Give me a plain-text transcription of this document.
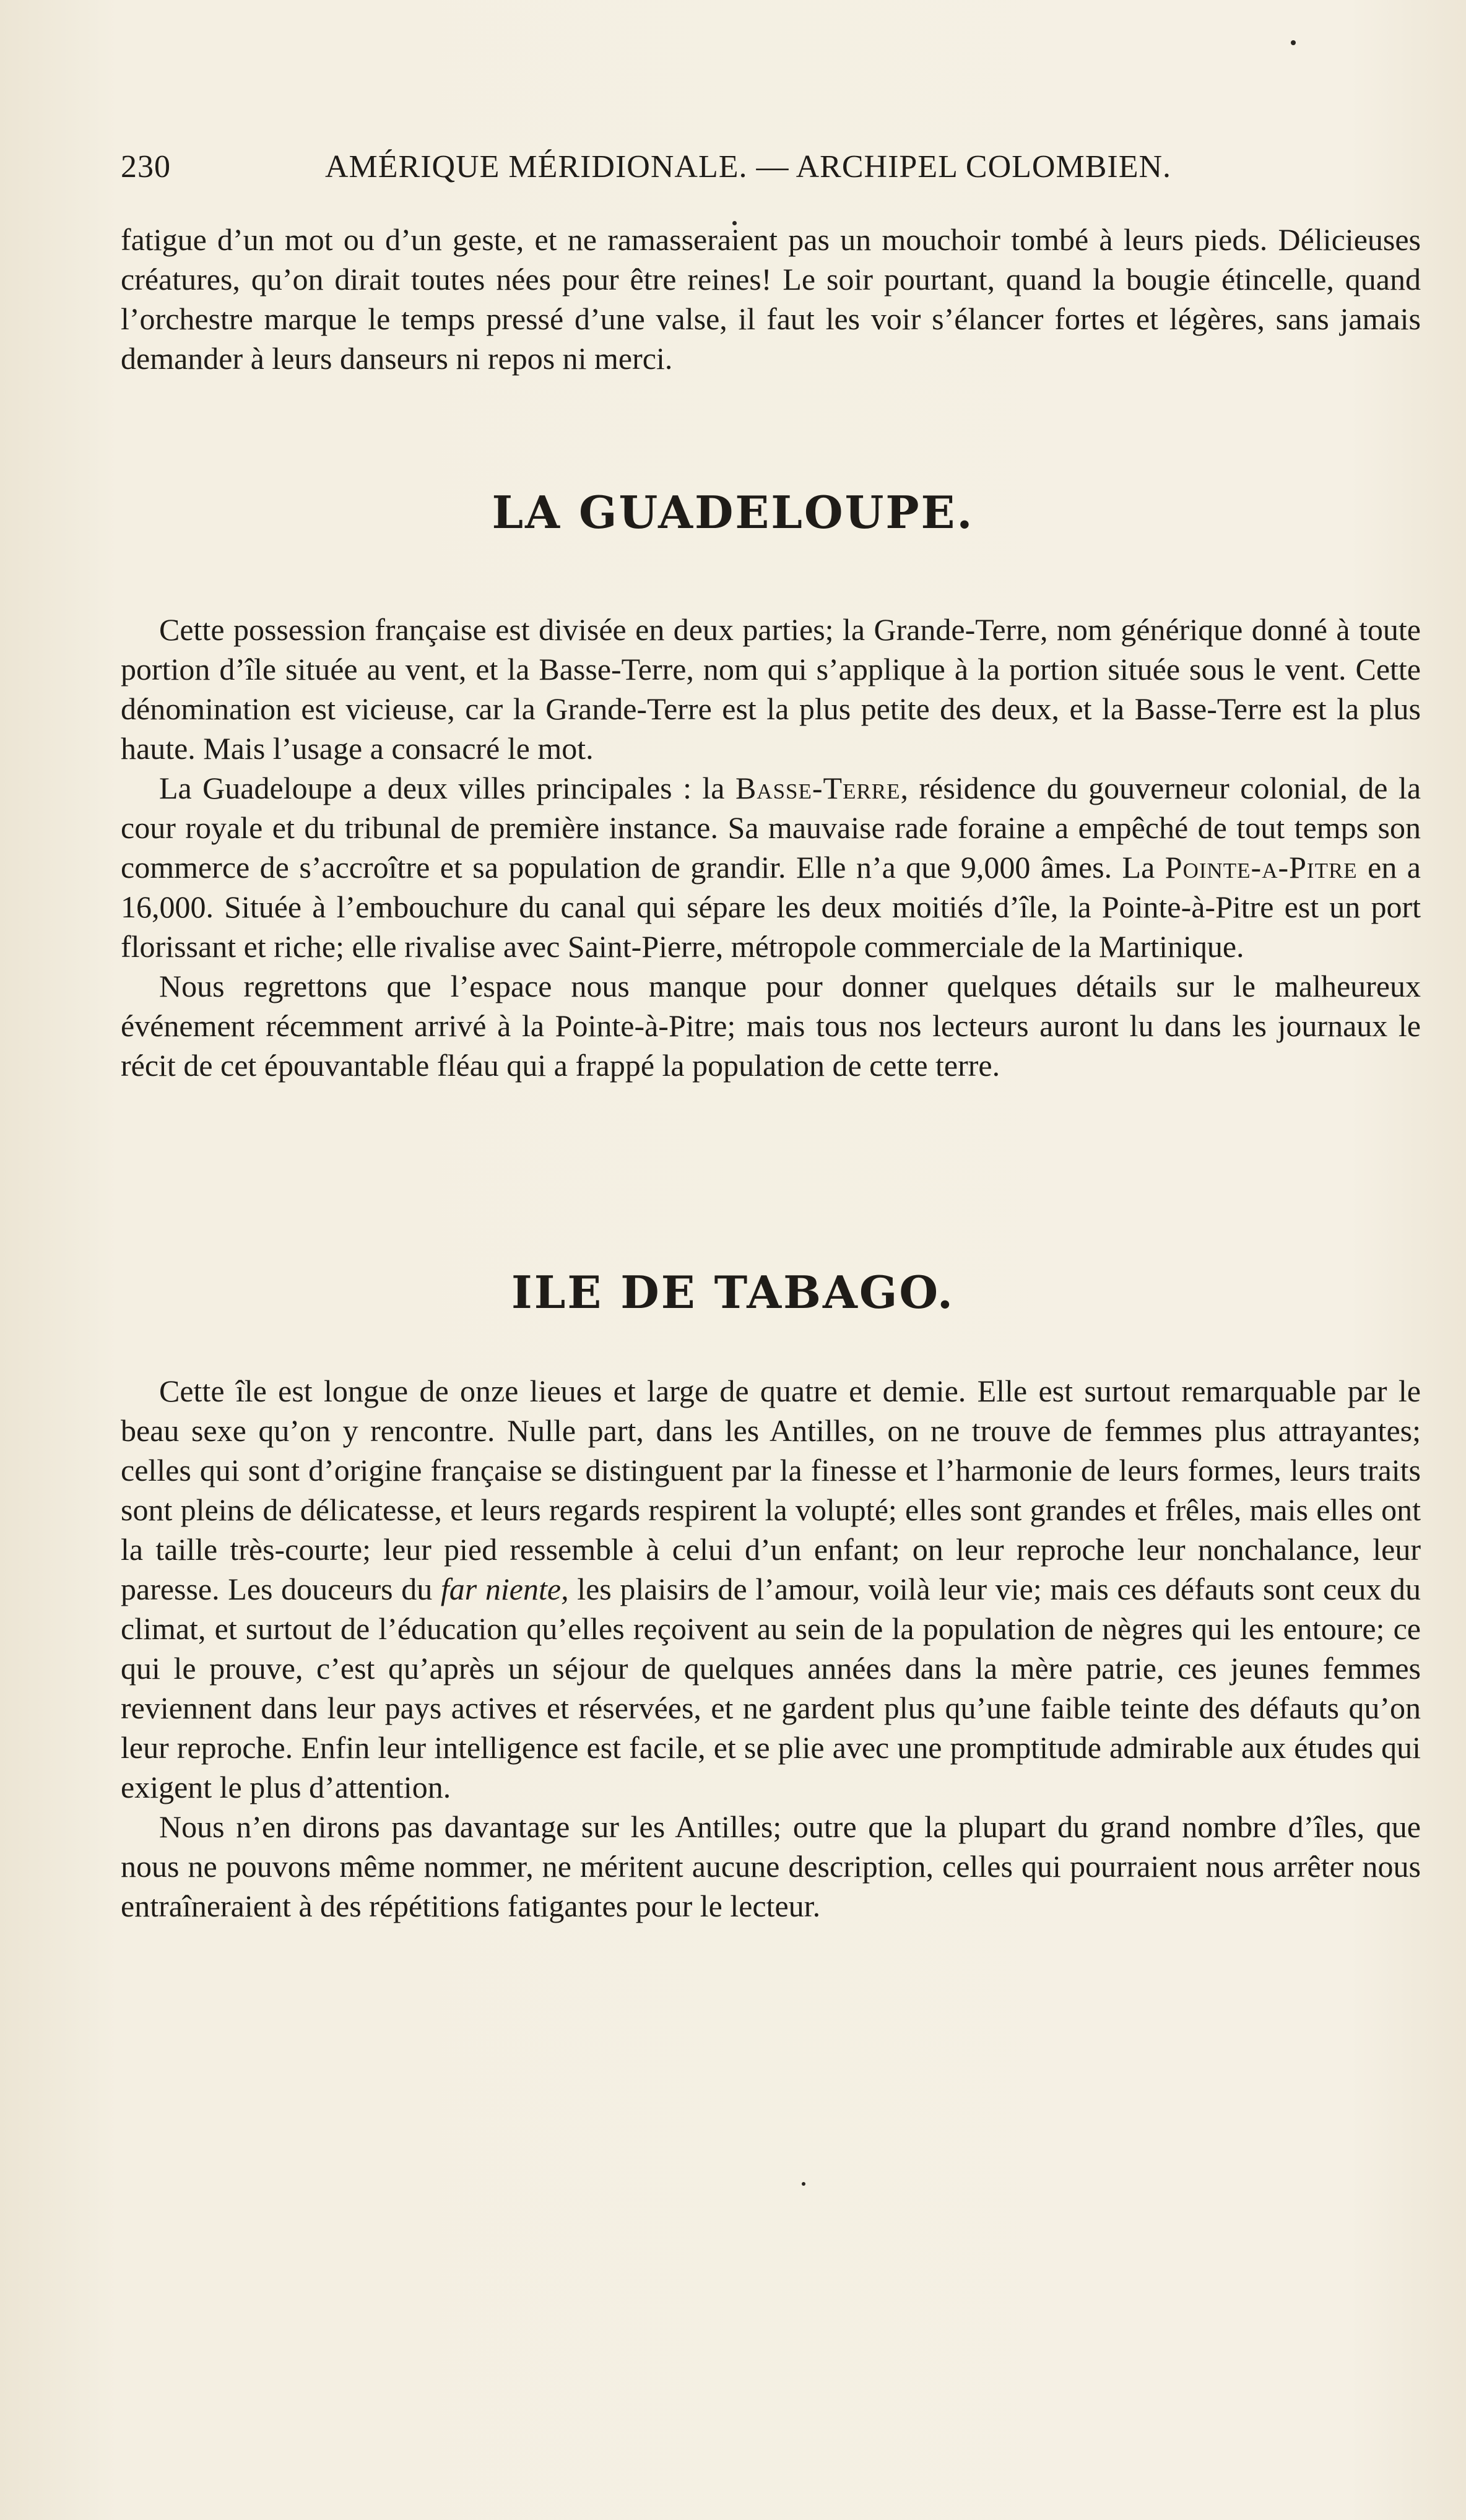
230	AMÉRIQUE MÉRIDIONALE. — ARCHIPEL COLOMBIEN.

fatigue d’un mot ou d’un geste, et ne ramasseraient pas un mouchoir tombé à leurs pieds. Délicieuses créatures, qu’on dirait toutes nées pour être reines! Le soir pourtant, quand la bougie étincelle, quand l’orchestre marque le temps pressé d’une valse, il faut les voir s’élancer fortes et légères, sans jamais demander à leurs danseurs ni repos ni merci.

LA GUADELOUPE.

Cette possession française est divisée en deux parties; la Grande-Terre, nom générique donné à toute portion d’île située au vent, et la Basse-Terre, nom qui s’applique à la portion située sous le vent. Cette dénomination est vicieuse, car la Grande-Terre est la plus petite des deux, et la Basse-Terre est la plus haute. Mais l’usage a consacré le mot.

La Guadeloupe a deux villes principales : la Basse-Terre, résidence du gouverneur colonial, de la cour royale et du tribunal de première instance. Sa mauvaise rade foraine a empêché de tout temps son commerce de s’accroître et sa population de grandir. Elle n’a que 9,000 âmes. La Pointe-a-Pitre en a 16,000. Située à l’embouchure du canal qui sépare les deux moitiés d’île, la Pointe-à-Pitre est un port florissant et riche; elle rivalise avec Saint-Pierre, métropole commerciale de la Martinique.

Nous regrettons que l’espace nous manque pour donner quelques détails sur le malheureux événement récemment arrivé à la Pointe-à-Pitre; mais tous nos lecteurs auront lu dans les journaux le récit de cet épouvantable fléau qui a frappé la population de cette terre.

ILE DE TABAGO.

Cette île est longue de onze lieues et large de quatre et demie. Elle est surtout remarquable par le beau sexe qu’on y rencontre. Nulle part, dans les Antilles, on ne trouve de femmes plus attrayantes; celles qui sont d’origine française se distinguent par la finesse et l’harmonie de leurs formes, leurs traits sont pleins de délicatesse, et leurs regards respirent la volupté; elles sont grandes et frêles, mais elles ont la taille très-courte; leur pied ressemble à celui d’un enfant; on leur reproche leur nonchalance, leur paresse. Les douceurs du far niente, les plaisirs de l’amour, voilà leur vie; mais ces défauts sont ceux du climat, et surtout de l’éducation qu’elles reçoivent au sein de la population de nègres qui les entoure; ce qui le prouve, c’est qu’après un séjour de quelques années dans la mère patrie, ces jeunes femmes reviennent dans leur pays actives et réservées, et ne gardent plus qu’une faible teinte des défauts qu’on leur reproche. Enfin leur intelligence est facile, et se plie avec une promptitude admirable aux études qui exigent le plus d’attention.

Nous n’en dirons pas davantage sur les Antilles; outre que la plupart du grand nombre d’îles, que nous ne pouvons même nommer, ne méritent aucune description, celles qui pourraient nous arrêter nous entraîneraient à des répétitions fatigantes pour le lecteur.
